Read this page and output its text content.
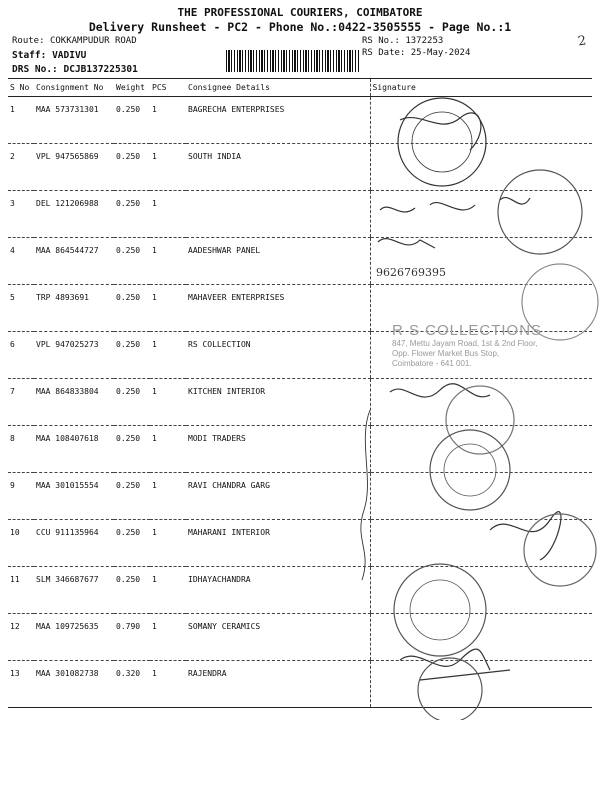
THE PROFESSIONAL COURIERS, COIMBATORE
Delivery Runsheet - PC2 - Phone No.:0422-3505555 - Page No.:1
Route: COKKAMPUDUR ROAD
Staff: VADIVU
DRS No.: DCJB137225301
RS No.: 1372253
RS Date: 25-May-2024
2
S No	Consignment No	Weight	PCS	Consignee Details	Signature

1	MAA 573731301	0.250	1	BAGRECHA ENTERPRISES	

2	VPL 947565869	0.250	1	SOUTH INDIA	

3	DEL 121206988	0.250	1		

4	MAA 864544727	0.250	1	AADESHWAR PANEL	

5	TRP 4893691	0.250	1	MAHAVEER ENTERPRISES	

6	VPL 947025273	0.250	1	RS COLLECTION	

7	MAA 864833804	0.250	1	KITCHEN INTERIOR	

8	MAA 108407618	0.250	1	MODI TRADERS	

9	MAA 301015554	0.250	1	RAVI CHANDRA GARG	

10	CCU 911135964	0.250	1	MAHARANI INTERIOR	

11	SLM 346687677	0.250	1	IDHAYACHANDRA	

12	MAA 109725635	0.790	1	SOMANY CERAMICS	

13	MAA 301082738	0.320	1	RAJENDRA	

9626769395
R S COLLECTIONS
847, Mettu Jayam Road, 1st & 2nd Floor,
Opp. Flower Market Bus Stop,
Coimbatore - 641 001.
